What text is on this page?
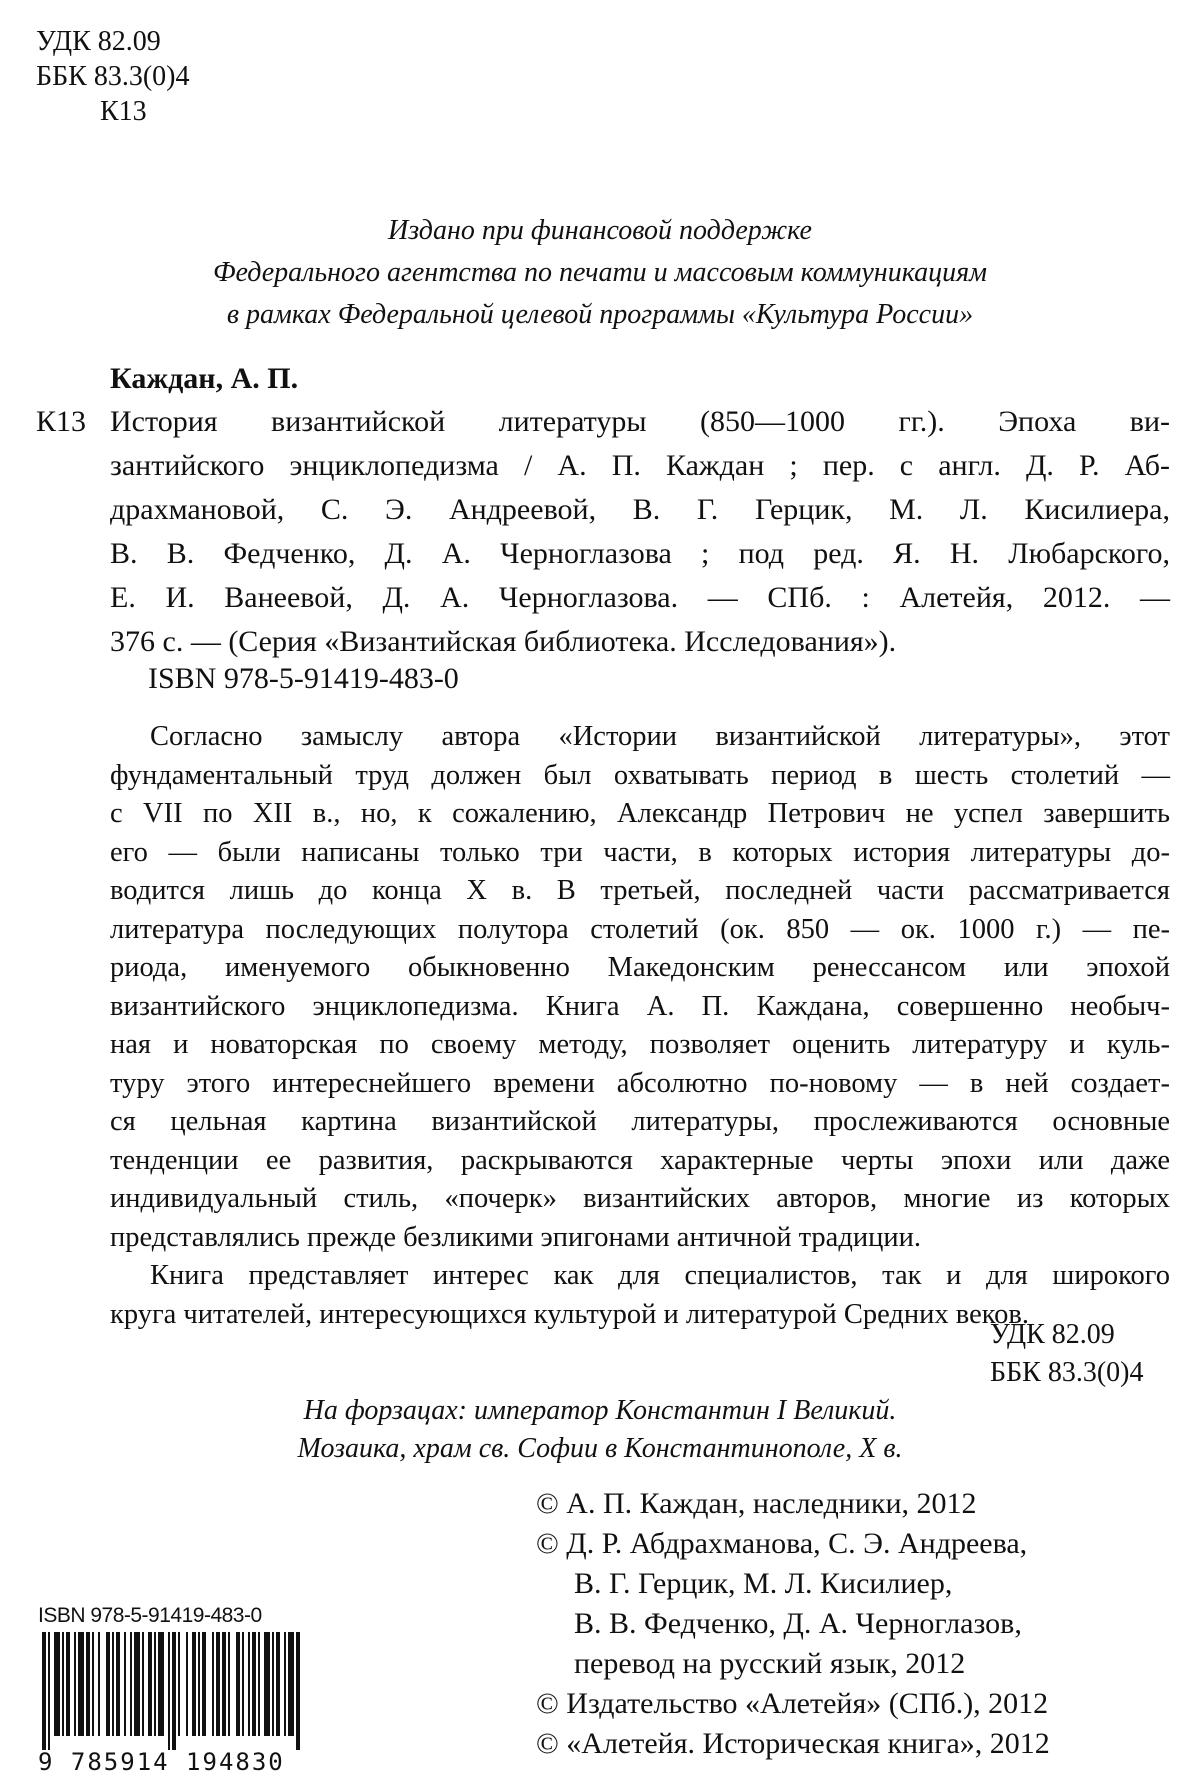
УДК 82.09
ББК 83.3(0)4
К13
Издано при финансовой поддержке
Федерального агентства по печати и массовым коммуникациям
в рамках Федеральной целевой программы «Культура России»
Каждан, А. П.
К13 История византийской литературы (850—1000 гг.). Эпоха ви-
зантийского энциклопедизма / А. П. Каждан ; пер. с англ. Д. Р. Аб-
драхмановой, С. Э. Андреевой, В. Г. Герцик, М. Л. Кисилиера,
В. В. Федченко, Д. А. Черноглазова ; под ред. Я. Н. Любарского,
Е. И. Ванеевой, Д. А. Черноглазова. — СПб. : Алетейя, 2012. —
376 с. — (Серия «Византийская библиотека. Исследования»).
ISBN 978-5-91419-483-0
Согласно замыслу автора «Истории византийской литературы», этот
фундаментальный труд должен был охватывать период в шесть столетий —
с VII по XII в., но, к сожалению, Александр Петрович не успел завершить
его — были написаны только три части, в которых история литературы до-
водится лишь до конца X в. В третьей, последней части рассматривается
литература последующих полутора столетий (ок. 850 — ок. 1000 г.) — пе-
риода, именуемого обыкновенно Македонским ренессансом или эпохой
византийского энциклопедизма. Книга А. П. Каждана, совершенно необыч-
ная и новаторская по своему методу, позволяет оценить литературу и куль-
туру этого интереснейшего времени абсолютно по-новому — в ней создает-
ся цельная картина византийской литературы, прослеживаются основные
тенденции ее развития, раскрываются характерные черты эпохи или даже
индивидуальный стиль, «почерк» византийских авторов, многие из которых
представлялись прежде безликими эпигонами античной традиции.
Книга представляет интерес как для специалистов, так и для широкого
круга читателей, интересующихся культурой и литературой Средних веков.
УДК 82.09
ББК 83.3(0)4
На форзацах: император Константин I Великий.
Мозаика, храм св. Софии в Константинополе, X в.
© А. П. Каждан, наследники, 2012
© Д. Р. Абдрахманова, С. Э. Андреева,
В. Г. Герцик, М. Л. Кисилиер,
В. В. Федченко, Д. А. Черноглазов,
перевод на русский язык, 2012
© Издательство «Алетейя» (СПб.), 2012
© «Алетейя. Историческая книга», 2012
ISBN 978-5-91419-483-0
9 785914 194830
